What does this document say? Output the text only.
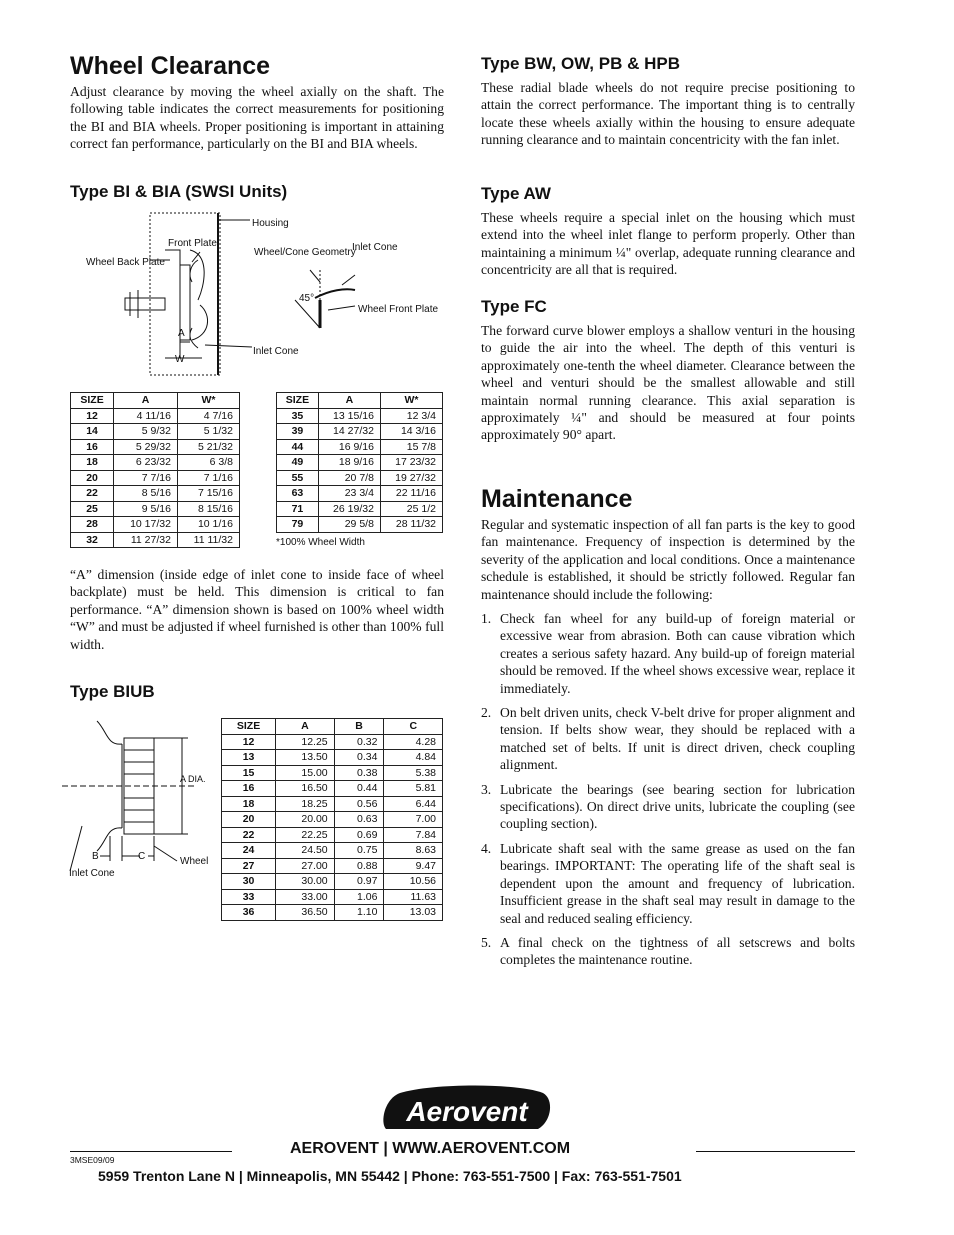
Wheel Clearance

Adjust clearance by moving the wheel axially on the shaft. The following table indicates the correct measurements for positioning the BI and BIA wheels. Proper positioning is important in attaining correct fan performance, particularly on the BI and BIA wheels.

Type BI & BIA (SWSI Units)
Housing
Front Plate
Wheel Back Plate
Wheel/Cone Geometry
Inlet Cone
45°
Wheel Front Plate
A
W
Inlet Cone
SIZE	A	W*
12	4 11/16	4 7/16
14	5 9/32	5 1/32
16	5 29/32	5 21/32
18	6 23/32	6 3/8
20	7 7/16	7 1/16
22	8 5/16	7 15/16
25	9 5/16	8 15/16
28	10 17/32	10 1/16
32	11 27/32	11 11/32
SIZE	A	W*
35	13 15/16	12 3/4
39	14 27/32	14 3/16
44	16 9/16	15 7/8
49	18 9/16	17 23/32
55	20 7/8	19 27/32
63	23 3/4	22 11/16
71	26 19/32	25 1/2
79	29 5/8	28 11/32
*100% Wheel Width

“A” dimension (inside edge of inlet cone to inside face of wheel backplate) must be held. This dimension is critical to fan performance. “A” dimension shown is based on 100% wheel width “W” and must be adjusted if wheel furnished is other than 100% full width.

Type BIUB
A DIA.
B	C	Wheel
Inlet Cone
SIZE	A	B	C
12	12.25	0.32	4.28
13	13.50	0.34	4.84
15	15.00	0.38	5.38
16	16.50	0.44	5.81
18	18.25	0.56	6.44
20	20.00	0.63	7.00
22	22.25	0.69	7.84
24	24.50	0.75	8.63
27	27.00	0.88	9.47
30	30.00	0.97	10.56
33	33.00	1.06	11.63
36	36.50	1.10	13.03
Type BW, OW, PB & HPB

These radial blade wheels do not require precise positioning to attain the correct performance. The important thing is to centrally locate these wheels axially within the housing to ensure adequate running clearance and to maintain concentricity with the fan inlet.

Type AW

These wheels require a special inlet on the housing which must extend into the wheel inlet flange to perform properly. Other than maintaining a minimum ¼" overlap, adequate running clearance and concentricity are all that is required.

Type FC

The forward curve blower employs a shallow venturi in the housing to guide the air into the wheel. The depth of this venturi is approximately one-tenth the wheel diameter. Clearance between the wheel and venturi should be the smallest allowable and still maintain normal running clearance. This axial separation is approximately ¼" and should be measured at four points approximately 90° apart.

Maintenance

Regular and systematic inspection of all fan parts is the key to good fan maintenance. Frequency of inspection is determined by the severity of the application and local conditions. Once a maintenance schedule is established, it should be strictly followed. Regular fan maintenance should include the following:

1. Check fan wheel for any build-up of foreign material or excessive wear from abrasion. Both can cause vibration which creates a serious safety hazard. Any build-up of foreign material should be removed. If the wheel shows excessive wear, replace it immediately.
2. On belt driven units, check V-belt drive for proper alignment and tension. If belts show wear, they should be replaced with a matched set of belts. If unit is direct driven, check coupling alignment.
3. Lubricate the bearings (see bearing section for lubrication specifications). On direct drive units, lubricate the coupling (see coupling section).
4. Lubricate shaft seal with the same grease as used on the fan bearings. IMPORTANT: The operating life of the shaft seal is dependent upon the amount and frequency of lubrication. Insufficient grease in the shaft seal may result in damage to the seal and reduced sealing efficiency.
5. A final check on the tightness of all setscrews and bolts completes the maintenance routine.
Aerovent
AEROVENT | WWW.AEROVENT.COM
3MSE09/09
5959 Trenton Lane N | Minneapolis, MN 55442 | Phone: 763-551-7500 | Fax: 763-551-7501
